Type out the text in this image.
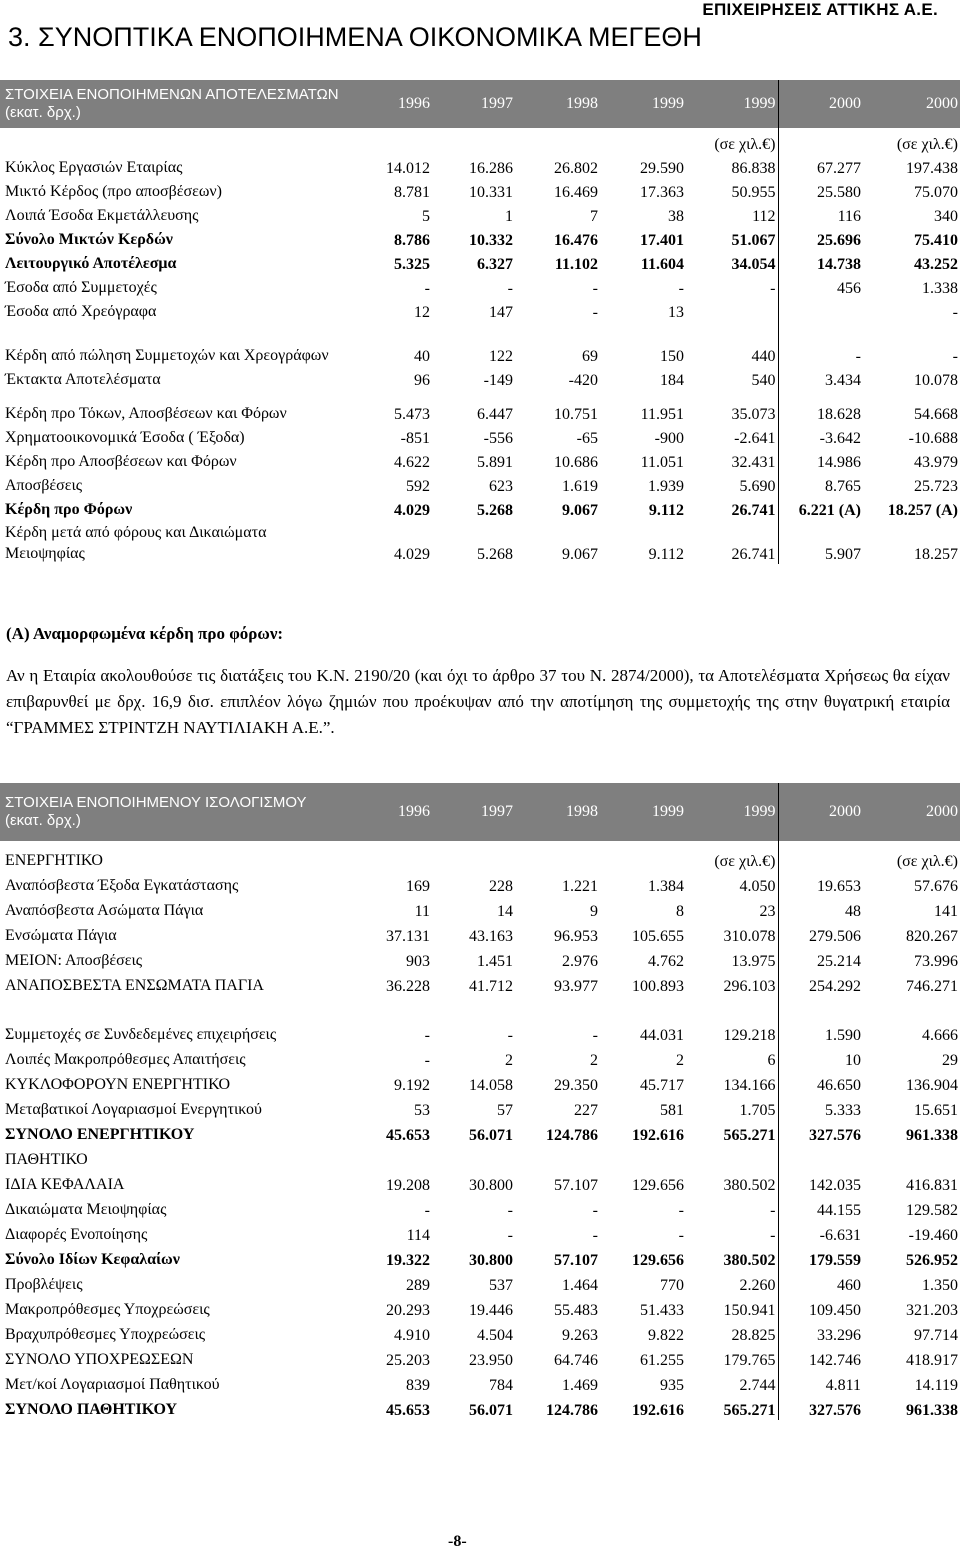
ΕΠΙΧΕΙΡΗΣΕΙΣ ΑΤΤΙΚΗΣ Α.Ε.
3. ΣΥΝΟΠΤΙΚΑ ΕΝΟΠΟΙΗΜΕΝΑ ΟΙΚΟΝΟΜΙΚΑ ΜΕΓΕΘΗ
ΣΤΟΙΧΕΙΑ ΕΝΟΠΟΙΗΜΕΝΩΝ ΑΠΟΤΕΛΕΣΜΑΤΩΝ (εκατ. δρχ.)	1996	1997	1998	1999	1999	2000	2000
					(σε χιλ.€)		(σε χιλ.€)
Κύκλος Εργασιών Εταιρίας	14.012	16.286	26.802	29.590	86.838	67.277	197.438
Μικτό Κέρδος (προ αποσβέσεων)	8.781	10.331	16.469	17.363	50.955	25.580	75.070
Λοιπά Έσοδα Εκμετάλλευσης	5	1	7	38	112	116	340
Σύνολο Μικτών Κερδών	8.786	10.332	16.476	17.401	51.067	25.696	75.410
Λειτουργικό Αποτέλεσμα	5.325	6.327	11.102	11.604	34.054	14.738	43.252
Έσοδα από Συμμετοχές	-	-	-	-	-	456	1.338
Έσοδα από Χρεόγραφα	12	147	-	13			-
Κέρδη από πώληση Συμμετοχών και Χρεογράφων	40	122	69	150	440	-	-
Έκτακτα Αποτελέσματα	96	-149	-420	184	540	3.434	10.078
Κέρδη προ Τόκων, Αποσβέσεων και Φόρων	5.473	6.447	10.751	11.951	35.073	18.628	54.668
Χρηματοοικονομικά Έσοδα ( Έξοδα)	-851	-556	-65	-900	-2.641	-3.642	-10.688
Κέρδη προ Αποσβέσεων και Φόρων	4.622	5.891	10.686	11.051	32.431	14.986	43.979
Αποσβέσεις	592	623	1.619	1.939	5.690	8.765	25.723
Κέρδη προ Φόρων	4.029	5.268	9.067	9.112	26.741	6.221 (Α)	18.257 (Α)
Κέρδη μετά από φόρους και Δικαιώματα Μειοψηφίας	4.029	5.268	9.067	9.112	26.741	5.907	18.257
(Α) Αναμορφωμένα κέρδη προ φόρων:
Αν η Εταιρία ακολουθούσε τις διατάξεις του Κ.Ν. 2190/20 (και όχι το άρθρο 37 του Ν. 2874/2000), τα Αποτελέσματα Χρήσεως θα είχαν επιβαρυνθεί με δρχ. 16,9 δισ. επιπλέον λόγω ζημιών που προέκυψαν από την αποτίμηση της συμμετοχής της στην θυγατρική εταιρία “ΓΡΑΜΜΕΣ ΣΤΡΙΝΤΖΗ ΝΑΥΤΙΛΙΑΚΗ Α.Ε.”.
ΣΤΟΙΧΕΙΑ ΕΝΟΠΟΙΗΜΕΝΟΥ ΙΣΟΛΟΓΙΣΜΟΥ (εκατ. δρχ.)	1996	1997	1998	1999	1999	2000	2000
ΕΝΕΡΓΗΤΙΚΟ					(σε χιλ.€)		(σε χιλ.€)
Αναπόσβεστα Έξοδα Εγκατάστασης	169	228	1.221	1.384	4.050	19.653	57.676
Αναπόσβεστα Ασώματα Πάγια	11	14	9	8	23	48	141
Ενσώματα Πάγια	37.131	43.163	96.953	105.655	310.078	279.506	820.267
ΜΕΙΟΝ: Αποσβέσεις	903	1.451	2.976	4.762	13.975	25.214	73.996
ΑΝΑΠΟΣΒΕΣΤΑ ΕΝΣΩΜΑΤΑ ΠΑΓΙΑ	36.228	41.712	93.977	100.893	296.103	254.292	746.271
Συμμετοχές σε Συνδεδεμένες επιχειρήσεις	-	-	-	44.031	129.218	1.590	4.666
Λοιπές Μακροπρόθεσμες Απαιτήσεις	-	2	2	2	6	10	29
ΚΥΚΛΟΦΟΡΟΥΝ ΕΝΕΡΓΗΤΙΚΟ	9.192	14.058	29.350	45.717	134.166	46.650	136.904
Μεταβατικοί Λογαριασμοί Ενεργητικού	53	57	227	581	1.705	5.333	15.651
ΣΥΝΟΛΟ ΕΝΕΡΓΗΤΙΚΟΥ	45.653	56.071	124.786	192.616	565.271	327.576	961.338
ΠΑΘΗΤΙΚΟ							
ΙΔΙΑ ΚΕΦΑΛΑΙΑ	19.208	30.800	57.107	129.656	380.502	142.035	416.831
Δικαιώματα Μειοψηφίας	-	-	-	-	-	44.155	129.582
Διαφορές Ενοποίησης	114	-	-	-	-	-6.631	-19.460
Σύνολο Ιδίων Κεφαλαίων	19.322	30.800	57.107	129.656	380.502	179.559	526.952
Προβλέψεις	289	537	1.464	770	2.260	460	1.350
Μακροπρόθεσμες Υποχρεώσεις	20.293	19.446	55.483	51.433	150.941	109.450	321.203
Βραχυπρόθεσμες Υποχρεώσεις	4.910	4.504	9.263	9.822	28.825	33.296	97.714
ΣΥΝΟΛΟ ΥΠΟΧΡΕΩΣΕΩΝ	25.203	23.950	64.746	61.255	179.765	142.746	418.917
Μετ/κοί Λογαριασμοί Παθητικού	839	784	1.469	935	2.744	4.811	14.119
ΣΥΝΟΛΟ ΠΑΘΗΤΙΚΟΥ	45.653	56.071	124.786	192.616	565.271	327.576	961.338
-8-
